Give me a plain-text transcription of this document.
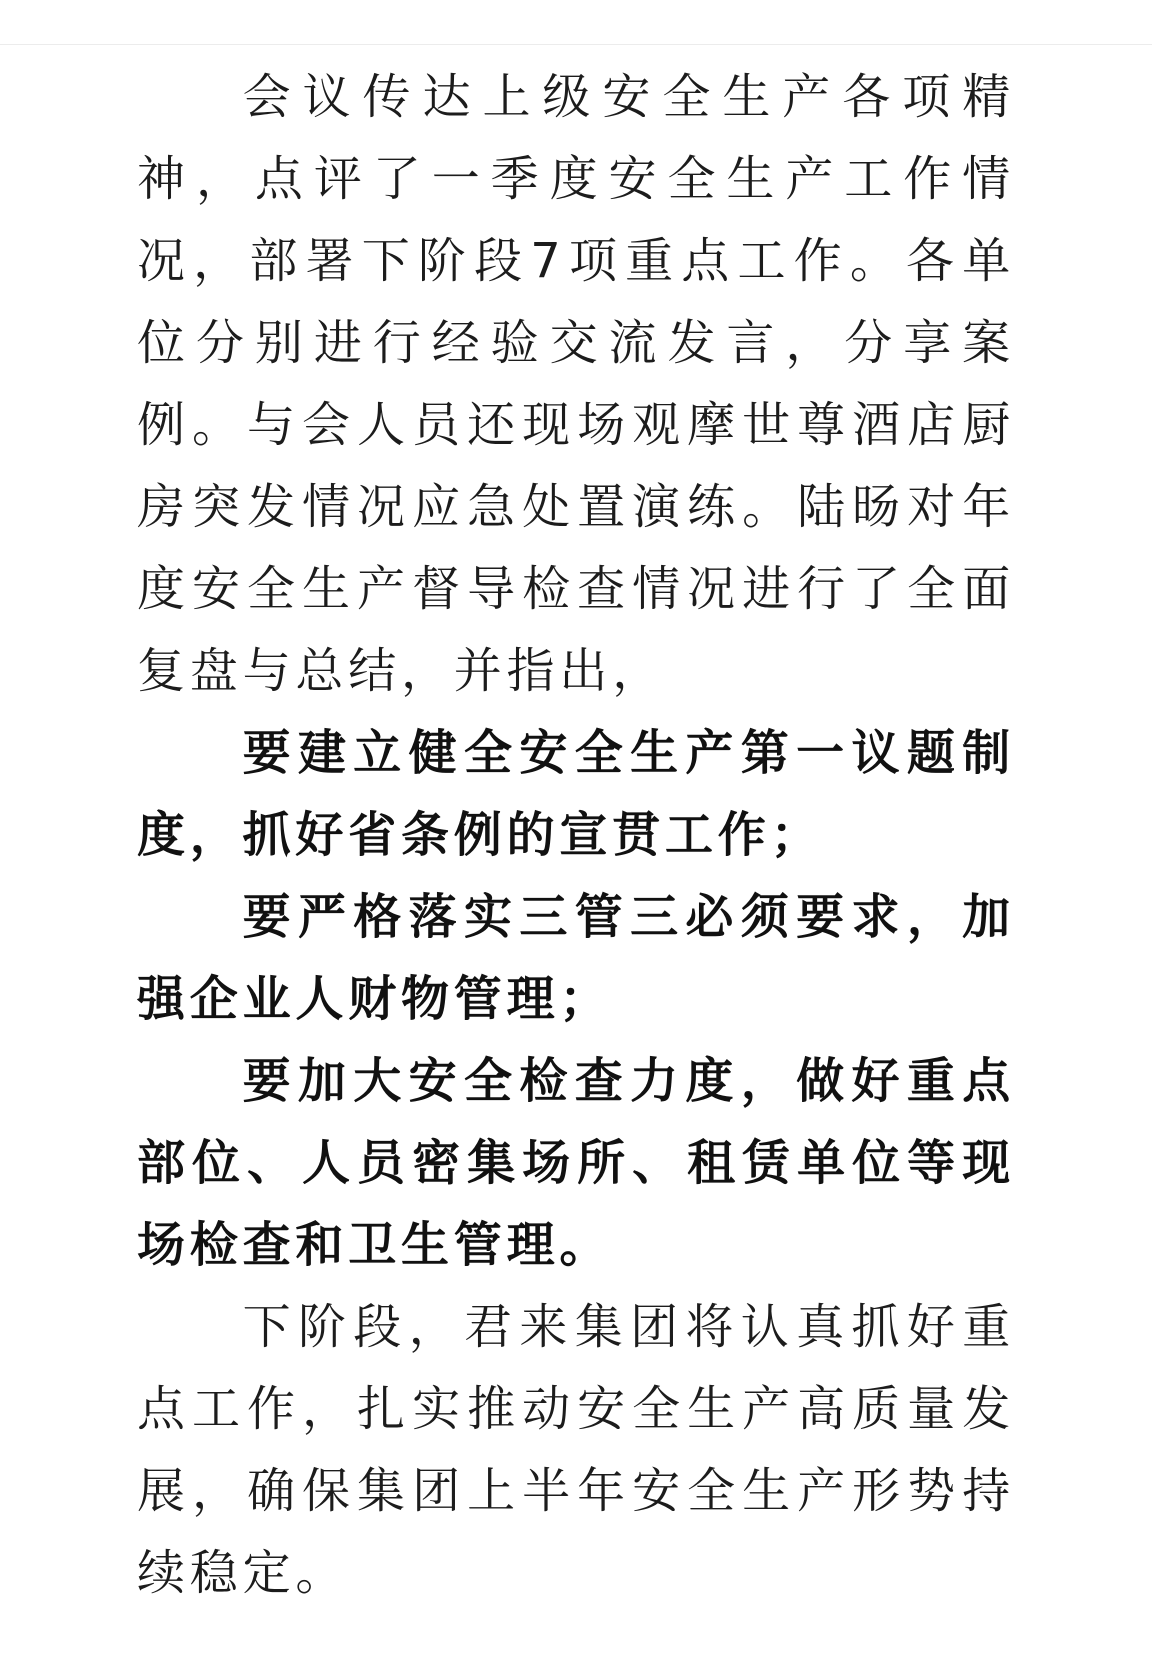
会议传达上级安全生产各项精神，点评了一季度安全生产工作情况，部署下阶段7项重点工作。各单位分别进行经验交流发言，分享案例。与会人员还现场观摩世尊酒店厨房突发情况应急处置演练。陆旸对年度安全生产督导检查情况进行了全面复盘与总结，并指出，

要建立健全安全生产第一议题制度，抓好省条例的宣贯工作；

要严格落实三管三必须要求，加强企业人财物管理；

要加大安全检查力度，做好重点部位、人员密集场所、租赁单位等现场检查和卫生管理。

下阶段，君来集团将认真抓好重点工作，扎实推动安全生产高质量发展，确保集团上半年安全生产形势持续稳定。
